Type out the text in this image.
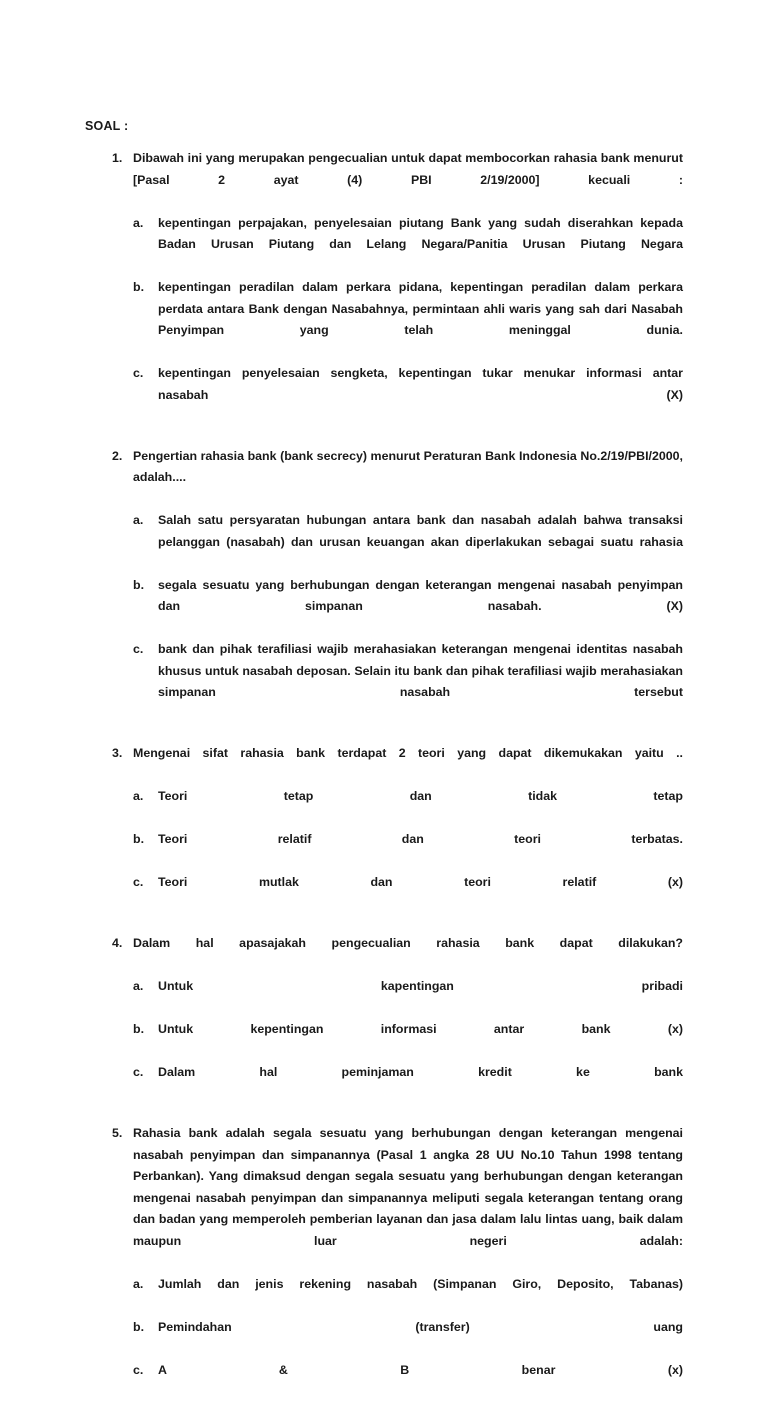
SOAL :
1. Dibawah ini yang merupakan pengecualian untuk dapat membocorkan rahasia bank menurut [Pasal 2 ayat (4) PBI 2/19/2000] kecuali :

a. kepentingan perpajakan, penyelesaian piutang Bank yang sudah diserahkan kepada Badan Urusan Piutang dan Lelang Negara/Panitia Urusan Piutang Negara

b. kepentingan peradilan dalam perkara pidana, kepentingan peradilan dalam perkara perdata antara Bank dengan Nasabahnya, permintaan ahli waris yang sah dari Nasabah Penyimpan yang telah meninggal dunia.

c. kepentingan penyelesaian sengketa, kepentingan tukar menukar informasi antar nasabah (X)

2. Pengertian rahasia bank (bank secrecy) menurut Peraturan Bank Indonesia No.2/19/PBI/2000, adalah....

a. Salah satu persyaratan hubungan antara bank dan nasabah adalah bahwa transaksi pelanggan (nasabah) dan urusan keuangan akan diperlakukan sebagai suatu rahasia

b. segala sesuatu yang berhubungan dengan keterangan mengenai nasabah penyimpan dan simpanan nasabah. (X)

c. bank dan pihak terafiliasi wajib merahasiakan keterangan mengenai identitas nasabah khusus untuk nasabah deposan. Selain itu bank dan pihak terafiliasi wajib merahasiakan simpanan nasabah tersebut

3. Mengenai sifat rahasia bank terdapat 2 teori yang dapat dikemukakan yaitu ..

a. Teori tetap dan tidak tetap

b. Teori relatif dan teori terbatas.

c. Teori mutlak dan teori relatif (x)

4. Dalam hal apasajakah pengecualian rahasia bank dapat dilakukan?

a. Untuk kapentingan pribadi

b. Untuk kepentingan informasi antar bank (x)

c. Dalam hal peminjaman kredit ke bank

5. Rahasia bank adalah segala sesuatu yang berhubungan dengan keterangan mengenai nasabah penyimpan dan simpanannya (Pasal 1 angka 28 UU No.10 Tahun 1998 tentang Perbankan). Yang dimaksud dengan segala sesuatu yang berhubungan dengan keterangan mengenai nasabah penyimpan dan simpanannya meliputi segala keterangan tentang orang dan badan yang memperoleh pemberian layanan dan jasa dalam lalu lintas uang, baik dalam maupun luar negeri adalah:

a. Jumlah dan jenis rekening nasabah (Simpanan Giro, Deposito, Tabanas)

b. Pemindahan (transfer) uang

c. A & B benar (x)
